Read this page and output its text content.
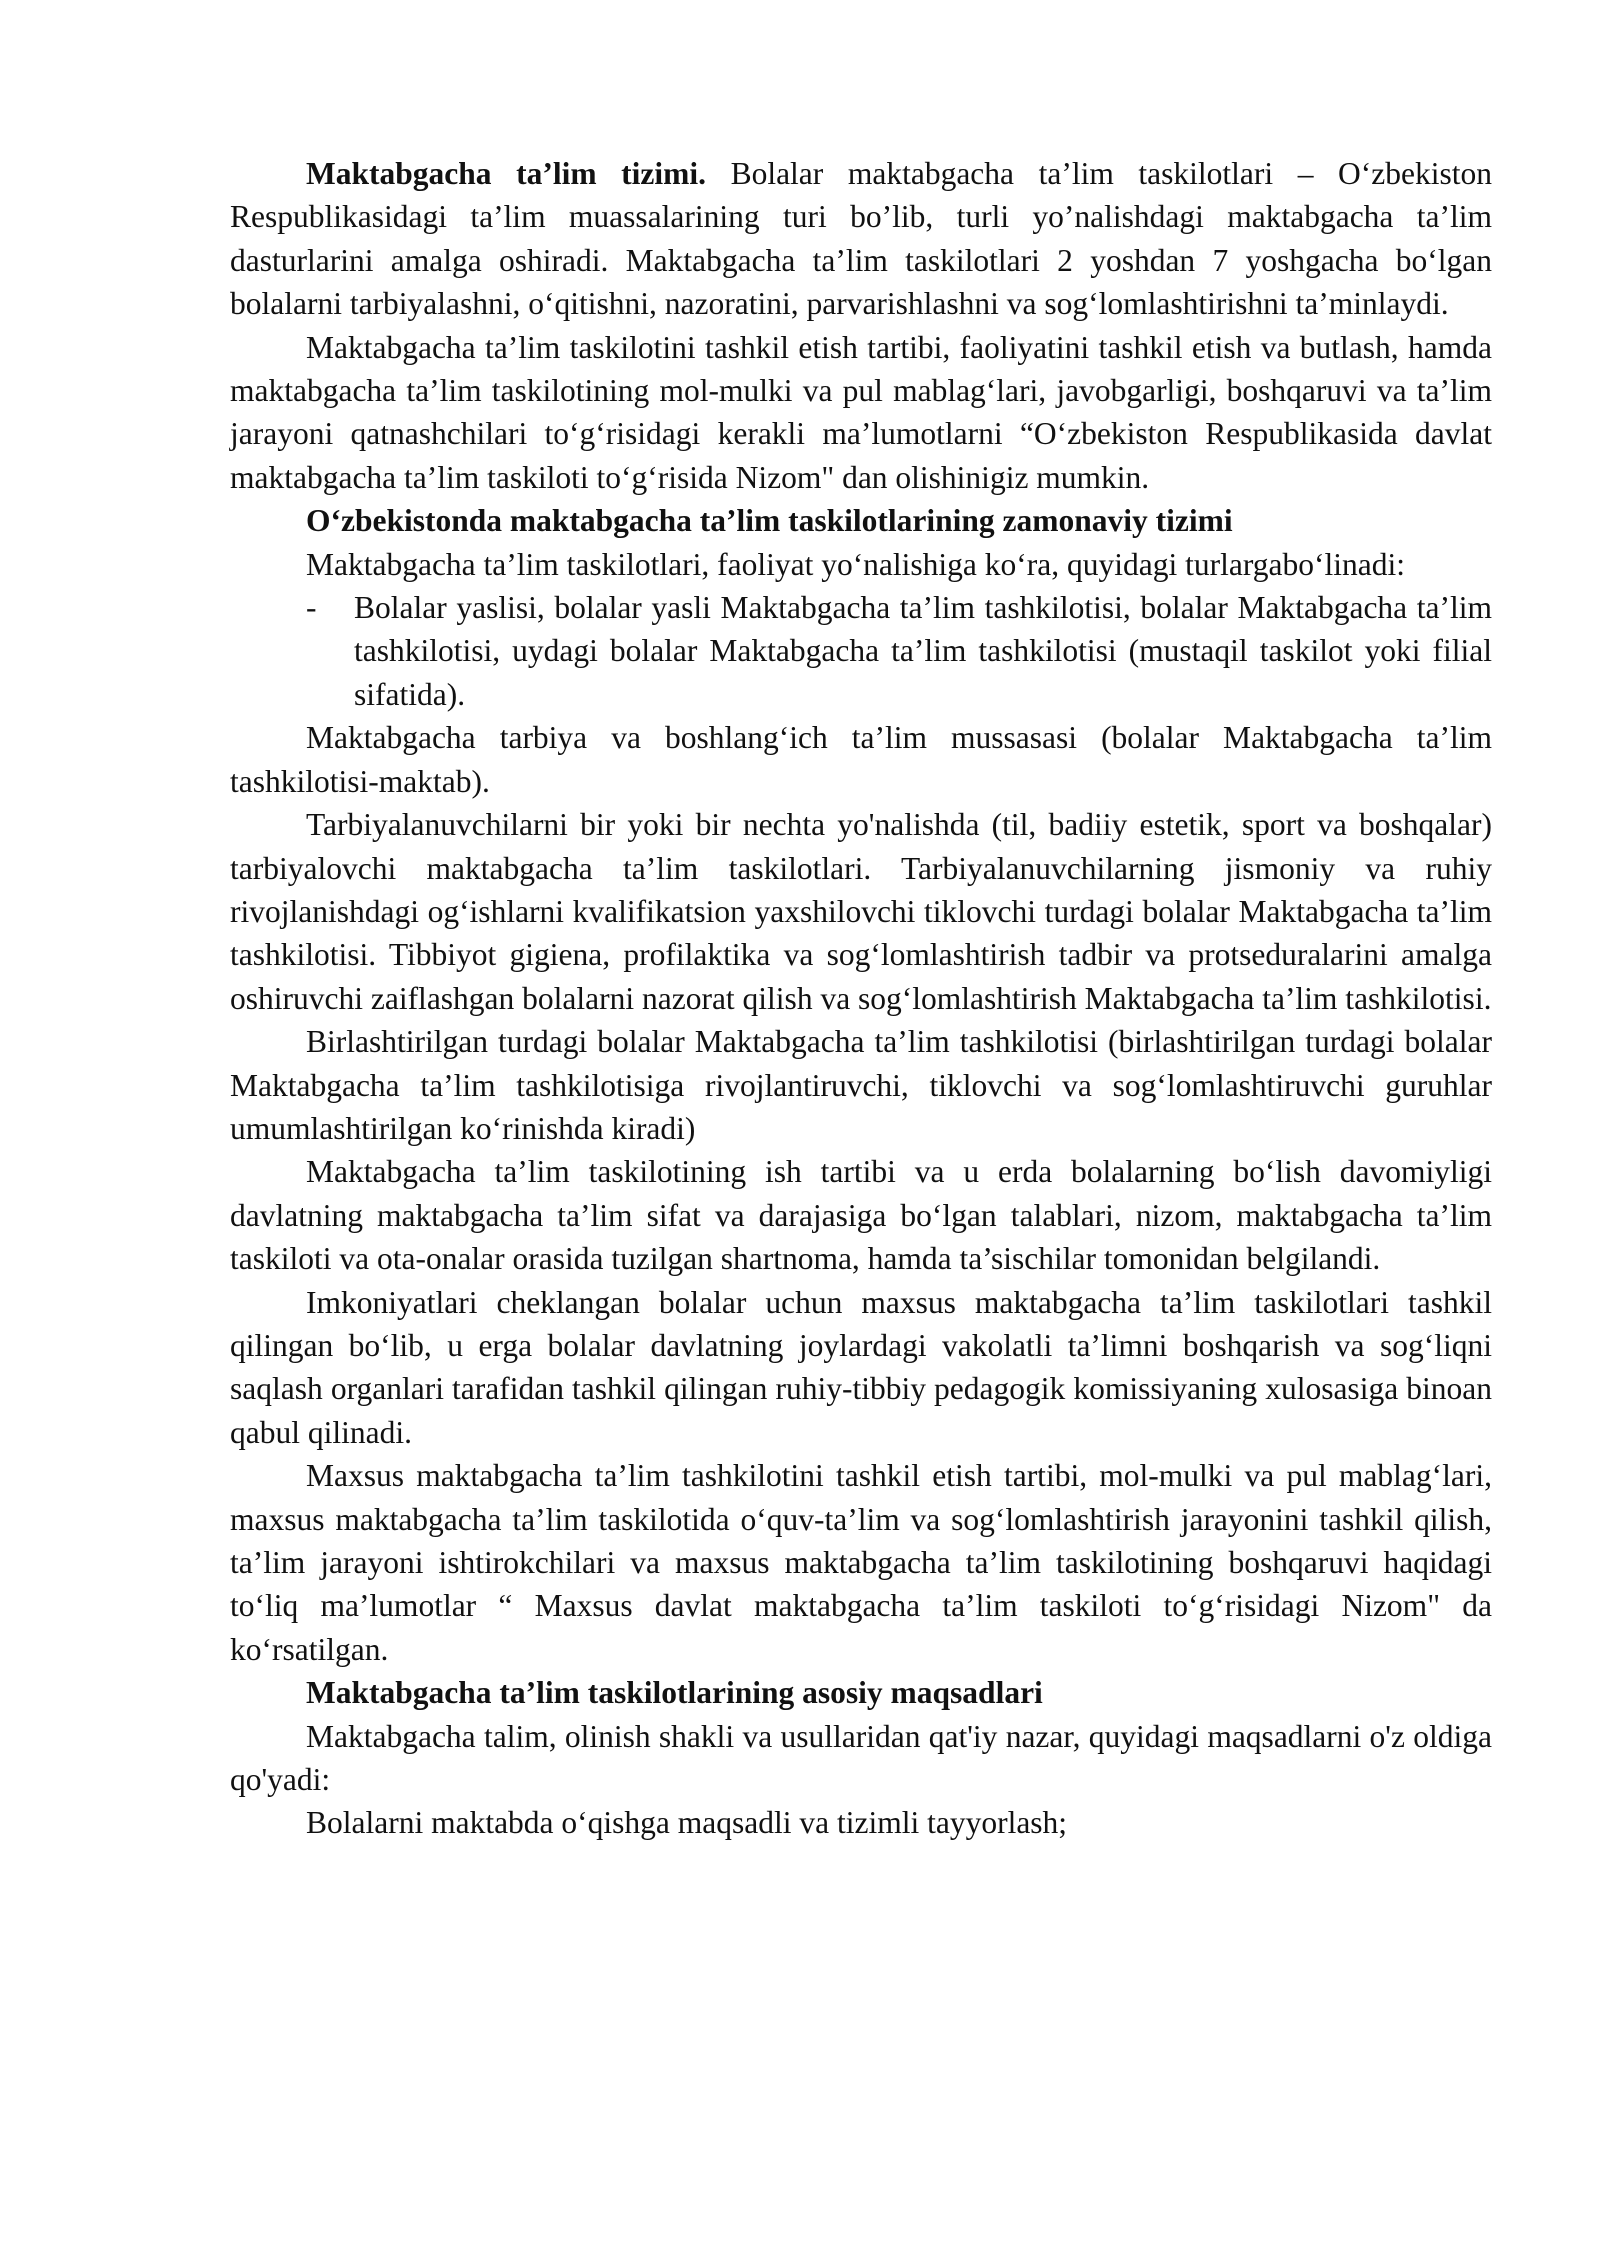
Maktabgacha ta’lim tizimi. Bolalar maktabgacha ta’lim taskilotlari – O‘zbekiston Respublikasidagi ta’lim muassalarining turi bo’lib, turli yo’nalishdagi maktabgacha ta’lim dasturlarini amalga oshiradi. Maktabgacha ta’lim taskilotlari 2 yoshdan 7 yoshgacha bo‘lgan bolalarni tarbiyalashni, o‘qitishni, nazoratini, parvarishlashni va sog‘lomlashtirishni ta’minlaydi.

Maktabgacha ta’lim taskilotini tashkil etish tartibi, faoliyatini tashkil etish va butlash, hamda maktabgacha ta’lim taskilotining mol-mulki va pul mablag‘lari, javobgarligi, boshqaruvi va ta’lim jarayoni qatnashchilari to‘g‘risidagi kerakli ma’lumotlarni “O‘zbekiston Respublikasida davlat maktabgacha ta’lim taskiloti to‘g‘risida Nizom" dan olishinigiz mumkin.

O‘zbekistonda maktabgacha ta’lim taskilotlarining zamonaviy tizimi

Maktabgacha ta’lim taskilotlari, faoliyat yo‘nalishiga ko‘ra, quyidagi turlargabo‘linadi:

- Bolalar yaslisi, bolalar yasli Maktabgacha ta’lim tashkilotisi, bolalar Maktabgacha ta’lim tashkilotisi, uydagi bolalar Maktabgacha ta’lim tashkilotisi (mustaqil taskilot yoki filial sifatida).

Maktabgacha tarbiya va boshlang‘ich ta’lim mussasasi (bolalar Maktabgacha ta’lim tashkilotisi-maktab).

Tarbiyalanuvchilarni bir yoki bir nechta yo'nalishda (til, badiiy estetik, sport va boshqalar) tarbiyalovchi maktabgacha ta’lim taskilotlari. Tarbiyalanuvchilarning jismoniy va ruhiy rivojlanishdagi og‘ishlarni kvalifikatsion yaxshilovchi tiklovchi turdagi bolalar Maktabgacha ta’lim tashkilotisi. Tibbiyot gigiena, profilaktika va sog‘lomlashtirish tadbir va protseduralarini amalga oshiruvchi zaiflashgan bolalarni nazorat qilish va sog‘lomlashtirish Maktabgacha ta’lim tashkilotisi.

Birlashtirilgan turdagi bolalar Maktabgacha ta’lim tashkilotisi (birlashtirilgan turdagi bolalar Maktabgacha ta’lim tashkilotisiga rivojlantiruvchi, tiklovchi va sog‘lomlashtiruvchi guruhlar umumlashtirilgan ko‘rinishda kiradi)

Maktabgacha ta’lim taskilotining ish tartibi va u erda bolalarning bo‘lish davomiyligi davlatning maktabgacha ta’lim sifat va darajasiga bo‘lgan talablari, nizom, maktabgacha ta’lim taskiloti va ota-onalar orasida tuzilgan shartnoma, hamda ta’sischilar tomonidan belgilandi.

Imkoniyatlari cheklangan bolalar uchun maxsus maktabgacha ta’lim taskilotlari tashkil qilingan bo‘lib, u erga bolalar davlatning joylardagi vakolatli ta’limni boshqarish va sog‘liqni saqlash organlari tarafidan tashkil qilingan ruhiy-tibbiy pedagogik komissiyaning xulosasiga binoan qabul qilinadi.

Maxsus maktabgacha ta’lim tashkilotini tashkil etish tartibi, mol-mulki va pul mablag‘lari, maxsus maktabgacha ta’lim taskilotida o‘quv-ta’lim va sog‘lomlashtirish jarayonini tashkil qilish, ta’lim jarayoni ishtirokchilari va maxsus maktabgacha ta’lim taskilotining boshqaruvi haqidagi to‘liq ma’lumotlar “ Maxsus davlat maktabgacha ta’lim taskiloti to‘g‘risidagi Nizom" da ko‘rsatilgan.

Maktabgacha ta’lim taskilotlarining asosiy maqsadlari

Maktabgacha talim, olinish shakli va usullaridan qat'iy nazar, quyidagi maqsadlarni o'z oldiga qo'yadi:

Bolalarni maktabda o‘qishga maqsadli va tizimli tayyorlash;
